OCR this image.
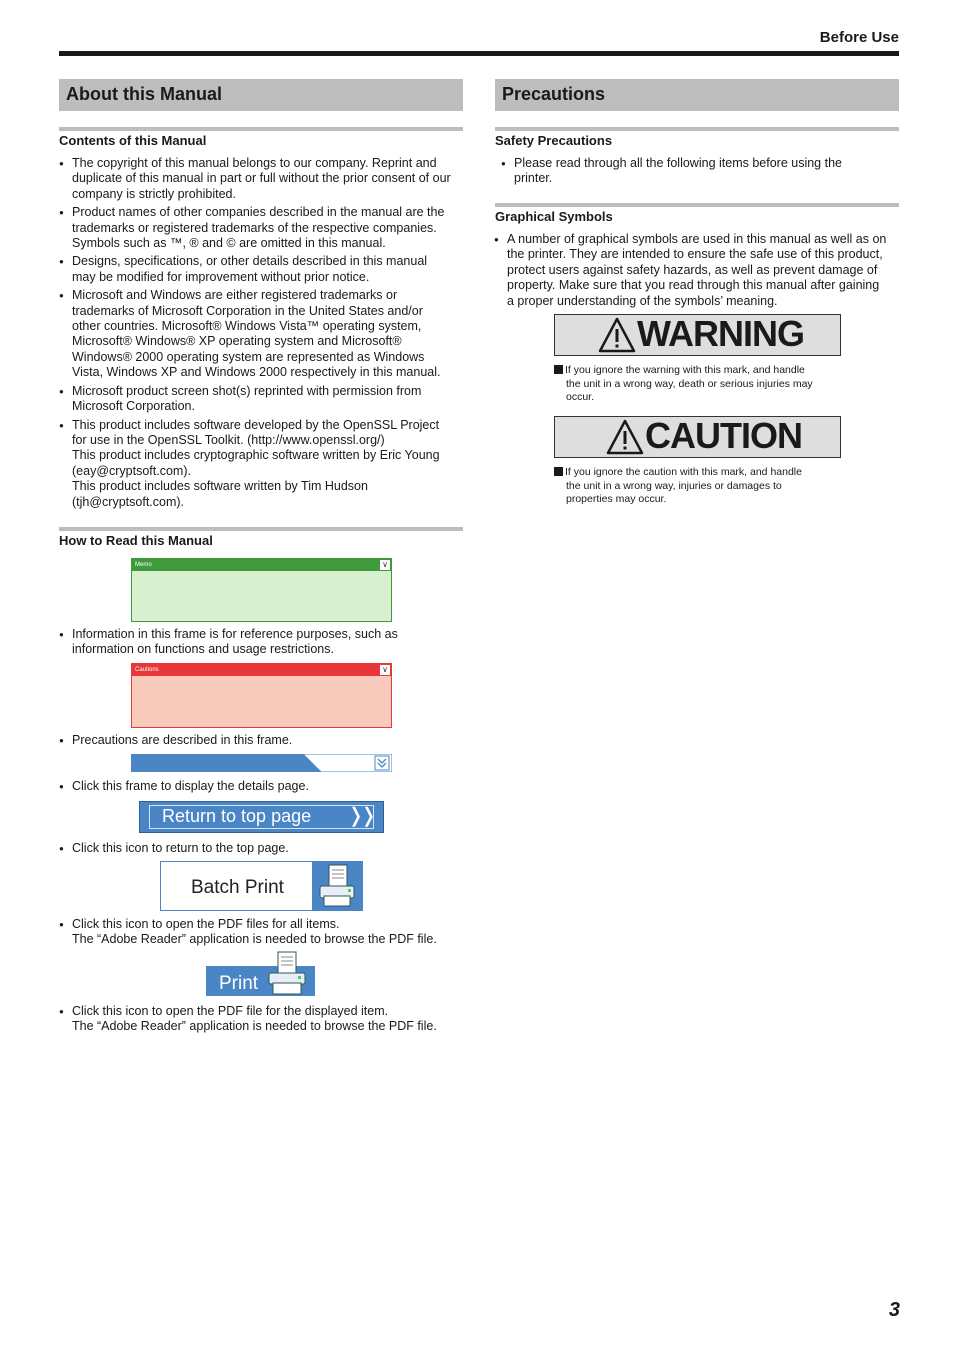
Before Use
About this Manual
Contents of this Manual
● The copyright of this manual belongs to our company. Reprint and
duplicate of this manual in part or full without the prior consent of our
company is strictly prohibited.
● Product names of other companies described in the manual are the
trademarks or registered trademarks of the respective companies.
Symbols such as ™, ® and © are omitted in this manual.
● Designs, specifications, or other details described in this manual
may be modified for improvement without prior notice.
● Microsoft and Windows are either registered trademarks or
trademarks of Microsoft Corporation in the United States and/or
other countries. Microsoft® Windows Vista™ operating system,
Microsoft® Windows® XP operating system and Microsoft®
Windows® 2000 operating system are represented as Windows
Vista, Windows XP and Windows 2000 respectively in this manual.
● Microsoft product screen shot(s) reprinted with permission from
Microsoft Corporation.
● This product includes software developed by the OpenSSL Project
for use in the OpenSSL Toolkit. (http://www.openssl.org/)
This product includes cryptographic software written by Eric Young
(eay@cryptsoft.com).
This product includes software written by Tim Hudson
(tjh@cryptsoft.com).
How to Read this Manual
Memo	∨
● Information in this frame is for reference purposes, such as
information on functions and usage restrictions.
Cautions	∨
● Precautions are described in this frame.
● Click this frame to display the details page.
Return to top page ❭❭
● Click this icon to return to the top page.
Batch Print
● Click this icon to open the PDF files for all items.
The “Adobe Reader” application is needed to browse the PDF file.
Print
● Click this icon to open the PDF file for the displayed item.
The “Adobe Reader” application is needed to browse the PDF file.
Precautions
Safety Precautions
● Please read through all the following items before using the
printer.
Graphical Symbols
● A number of graphical symbols are used in this manual as well as on
the printer. They are intended to ensure the safe use of this product,
protect users against safety hazards, as well as prevent damage of
property. Make sure that you read through this manual after gaining
a proper understanding of the symbols’ meaning.
WARNING
If you ignore the warning with this mark, and handle
the unit in a wrong way, death or serious injuries may
occur.
CAUTION
If you ignore the caution with this mark, and handle
the unit in a wrong way, injuries or damages to
properties may occur.
3
